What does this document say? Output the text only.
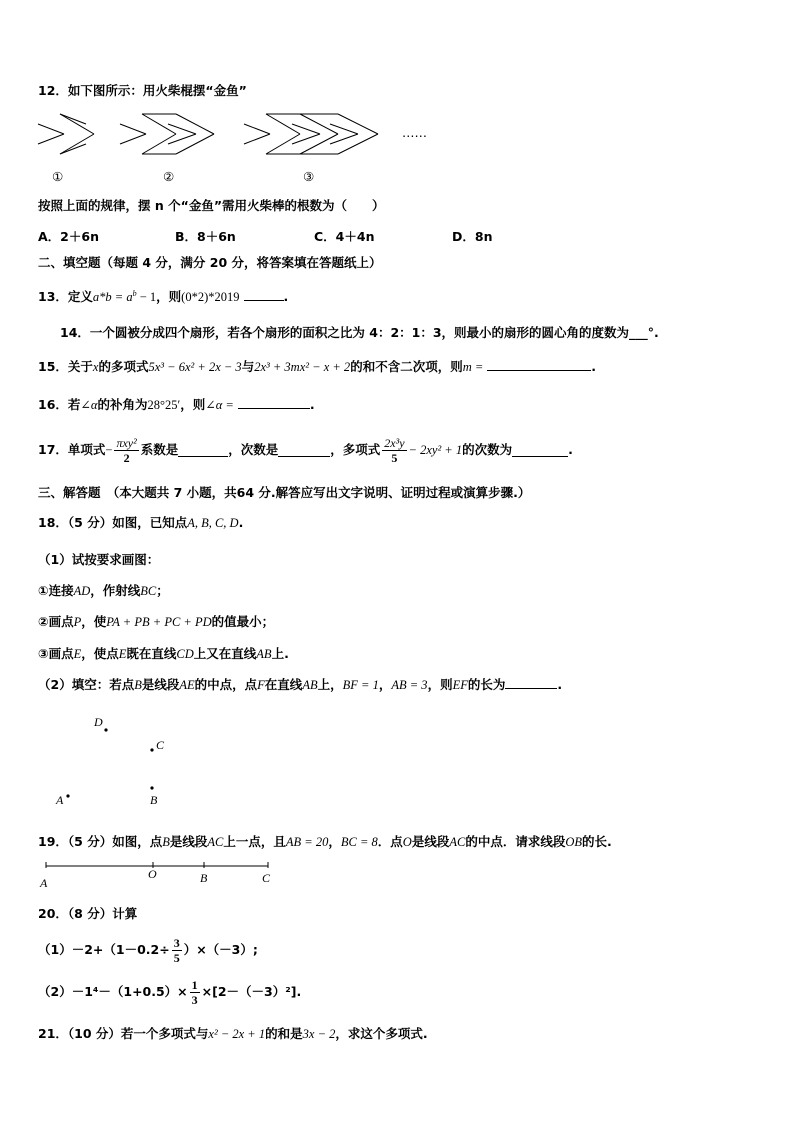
12．如下图所示：用火柴棍摆“金鱼”
……
①	②	③
按照上面的规律，摆 n 个“金鱼”需用火柴棒的根数为（　　）
A．2＋6n	B．8＋6n	C．4＋4n	D．8n
二、填空题（每题 4 分，满分 20 分，将答案填在答题纸上）
13．定义$a*b = a^b - 1$，则(0*2)*2019	.
14．一个圆被分成四个扇形，若各个扇形的面积之比为 4：2：1：3，则最小的扇形的圆心角的度数为___°.
15．关于x的多项式5x³ − 6x² + 2x − 3与2x³ + 3mx² − x + 2的和不含二次项，则m =	.
16．若∠α的补角为28°25′，则∠α =	.
17．单项式 − $\frac{\text{πxy²}}{2}$ 系数是	，次数是	，多项式 $\frac{\text{2x³y}}{5} - 2xy^2 + 1$ 的次数为	.
三、解答题　（本大题共 7 小题，共64 分.解答应写出文字说明、证明过程或演算步骤.）
18．（5 分）如图，已知点A, B, C, D.
（1）试按要求画图：
①连接AD，作射线BC；
②画点P，使PA + PB + PC + PD的值最小；
③画点E，使点E既在直线CD上又在直线AB上.
（2）填空：若点B是线段AE的中点，点F在直线AB上，BF = 1，AB = 3，则EF的长为	.
D
C
A	B
19．（5 分）如图，点B是线段AC上一点，且AB = 20，BC = 8．点O是线段AC的中点．请求线段OB的长.
A
O	B	C
20．（8 分）计算
$(1)-2+(1-0.2\div \frac{3}{5} )\times(-3)$;
$(2)-1^4-(1+0.5)\times \frac{1}{3} \times[2-(-3)^2]$.
21．（10 分）若一个多项式与x² − 2x + 1的和是3x − 2，求这个多项式.
